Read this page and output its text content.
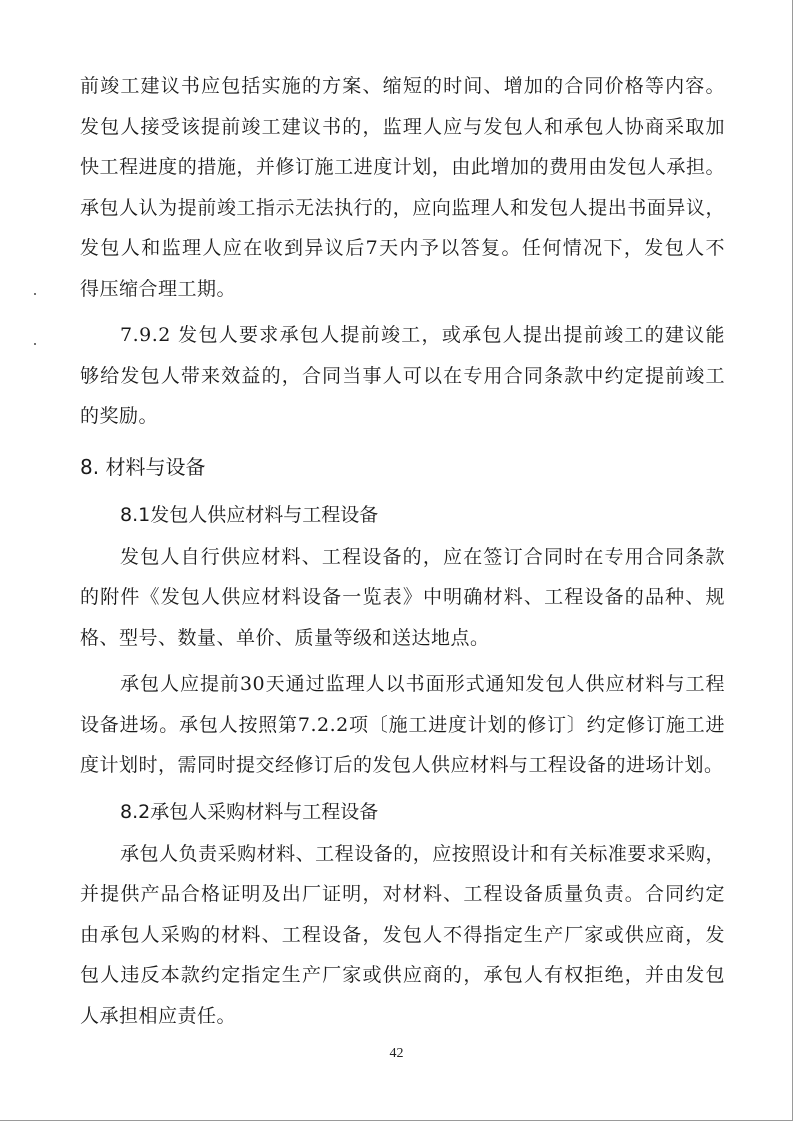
前竣工建议书应包括实施的方案、缩短的时间、增加的合同价格等内容。
发包人接受该提前竣工建议书的，监理人应与发包人和承包人协商采取加
快工程进度的措施，并修订施工进度计划，由此增加的费用由发包人承担。
承包人认为提前竣工指示无法执行的，应向监理人和发包人提出书面异议，
发包人和监理人应在收到异议后7天内予以答复。任何情况下，发包人不
得压缩合理工期。
7.9.2 发包人要求承包人提前竣工，或承包人提出提前竣工的建议能
够给发包人带来效益的，合同当事人可以在专用合同条款中约定提前竣工
的奖励。
8. 材料与设备
8.1发包人供应材料与工程设备
发包人自行供应材料、工程设备的，应在签订合同时在专用合同条款
的附件《发包人供应材料设备一览表》中明确材料、工程设备的品种、规
格、型号、数量、单价、质量等级和送达地点。
承包人应提前30天通过监理人以书面形式通知发包人供应材料与工程
设备进场。承包人按照第7.2.2项〔施工进度计划的修订〕约定修订施工进
度计划时，需同时提交经修订后的发包人供应材料与工程设备的进场计划。
8.2承包人采购材料与工程设备
承包人负责采购材料、工程设备的，应按照设计和有关标准要求采购，
并提供产品合格证明及出厂证明，对材料、工程设备质量负责。合同约定
由承包人采购的材料、工程设备，发包人不得指定生产厂家或供应商，发
包人违反本款约定指定生产厂家或供应商的，承包人有权拒绝，并由发包
人承担相应责任。
42
